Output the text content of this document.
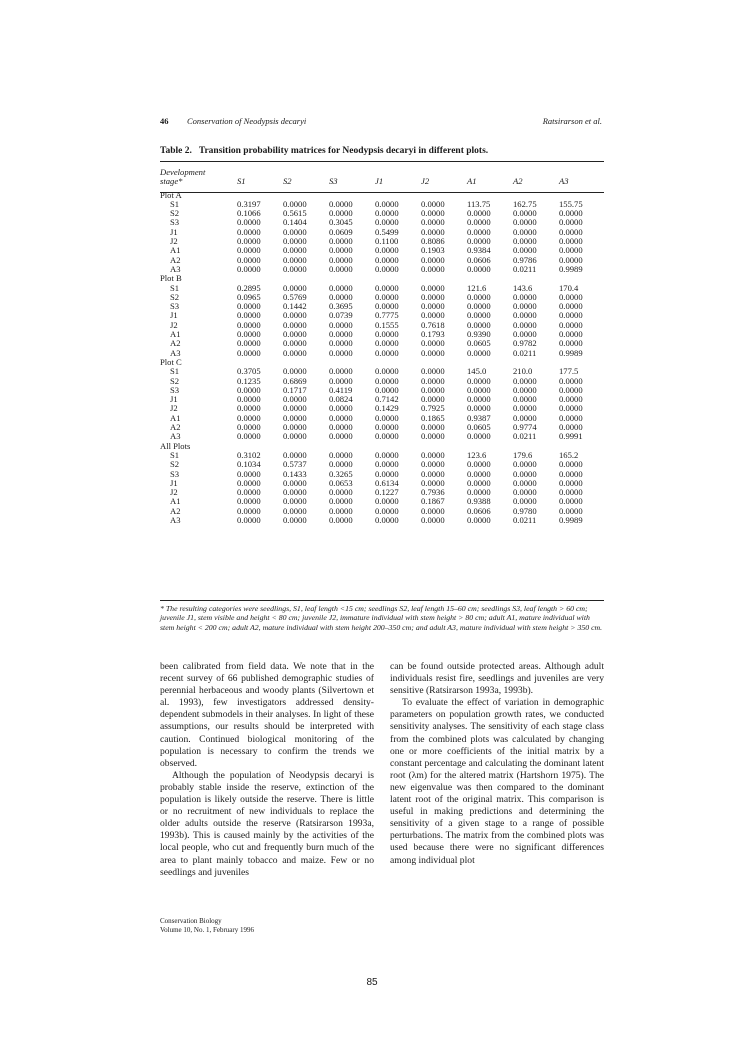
46 Conservation of Neodypsis decaryi	Ratsirarson et al.
Table 2. Transition probability matrices for Neodypsis decaryi in different plots.
Development
stage*	S1	S2	S3	J1	J2	A1	A2	A3
Plot A								
S1	0.3197	0.0000	0.0000	0.0000	0.0000	113.75	162.75	155.75
S2	0.1066	0.5615	0.0000	0.0000	0.0000	0.0000	0.0000	0.0000
S3	0.0000	0.1404	0.3045	0.0000	0.0000	0.0000	0.0000	0.0000
J1	0.0000	0.0000	0.0609	0.5499	0.0000	0.0000	0.0000	0.0000
J2	0.0000	0.0000	0.0000	0.1100	0.8086	0.0000	0.0000	0.0000
A1	0.0000	0.0000	0.0000	0.0000	0.1903	0.9384	0.0000	0.0000
A2	0.0000	0.0000	0.0000	0.0000	0.0000	0.0606	0.9786	0.0000
A3	0.0000	0.0000	0.0000	0.0000	0.0000	0.0000	0.0211	0.9989
Plot B								
S1	0.2895	0.0000	0.0000	0.0000	0.0000	121.6	143.6	170.4
S2	0.0965	0.5769	0.0000	0.0000	0.0000	0.0000	0.0000	0.0000
S3	0.0000	0.1442	0.3695	0.0000	0.0000	0.0000	0.0000	0.0000
J1	0.0000	0.0000	0.0739	0.7775	0.0000	0.0000	0.0000	0.0000
J2	0.0000	0.0000	0.0000	0.1555	0.7618	0.0000	0.0000	0.0000
A1	0.0000	0.0000	0.0000	0.0000	0.1793	0.9390	0.0000	0.0000
A2	0.0000	0.0000	0.0000	0.0000	0.0000	0.0605	0.9782	0.0000
A3	0.0000	0.0000	0.0000	0.0000	0.0000	0.0000	0.0211	0.9989
Plot C								
S1	0.3705	0.0000	0.0000	0.0000	0.0000	145.0	210.0	177.5
S2	0.1235	0.6869	0.0000	0.0000	0.0000	0.0000	0.0000	0.0000
S3	0.0000	0.1717	0.4119	0.0000	0.0000	0.0000	0.0000	0.0000
J1	0.0000	0.0000	0.0824	0.7142	0.0000	0.0000	0.0000	0.0000
J2	0.0000	0.0000	0.0000	0.1429	0.7925	0.0000	0.0000	0.0000
A1	0.0000	0.0000	0.0000	0.0000	0.1865	0.9387	0.0000	0.0000
A2	0.0000	0.0000	0.0000	0.0000	0.0000	0.0605	0.9774	0.0000
A3	0.0000	0.0000	0.0000	0.0000	0.0000	0.0000	0.0211	0.9991
All Plots								
S1	0.3102	0.0000	0.0000	0.0000	0.0000	123.6	179.6	165.2
S2	0.1034	0.5737	0.0000	0.0000	0.0000	0.0000	0.0000	0.0000
S3	0.0000	0.1433	0.3265	0.0000	0.0000	0.0000	0.0000	0.0000
J1	0.0000	0.0000	0.0653	0.6134	0.0000	0.0000	0.0000	0.0000
J2	0.0000	0.0000	0.0000	0.1227	0.7936	0.0000	0.0000	0.0000
A1	0.0000	0.0000	0.0000	0.0000	0.1867	0.9388	0.0000	0.0000
A2	0.0000	0.0000	0.0000	0.0000	0.0000	0.0606	0.9780	0.0000
A3	0.0000	0.0000	0.0000	0.0000	0.0000	0.0000	0.0211	0.9989
* The resulting categories were seedlings, S1, leaf length <15 cm; seedlings S2, leaf length 15–60 cm; seedlings S3, leaf length > 60 cm; juvenile J1, stem visible and height < 80 cm; juvenile J2, immature individual with stem height > 80 cm; adult A1, mature individual with stem height < 200 cm; adult A2, mature individual with stem height 200–350 cm; and adult A3, mature individual with stem height > 350 cm.

been calibrated from field data. We note that in the recent survey of 66 published demographic studies of perennial herbaceous and woody plants (Silvertown et al. 1993), few investigators addressed density-dependent submodels in their analyses. In light of these assumptions, our results should be interpreted with caution. Continued biological monitoring of the population is necessary to confirm the trends we observed.

Although the population of Neodypsis decaryi is probably stable inside the reserve, extinction of the population is likely outside the reserve. There is little or no recruitment of new individuals to replace the older adults outside the reserve (Ratsirarson 1993a, 1993b). This is caused mainly by the activities of the local people, who cut and frequently burn much of the area to plant mainly tobacco and maize. Few or no seedlings and juveniles

can be found outside protected areas. Although adult individuals resist fire, seedlings and juveniles are very sensitive (Ratsirarson 1993a, 1993b).

To evaluate the effect of variation in demographic parameters on population growth rates, we conducted sensitivity analyses. The sensitivity of each stage class from the combined plots was calculated by changing one or more coefficients of the initial matrix by a constant percentage and calculating the dominant latent root (λm) for the altered matrix (Hartshorn 1975). The new eigenvalue was then compared to the dominant latent root of the original matrix. This comparison is useful in making predictions and determining the sensitivity of a given stage to a range of possible perturbations. The matrix from the combined plots was used because there were no significant differences among individual plot

Conservation Biology
Volume 10, No. 1, February 1996
85
